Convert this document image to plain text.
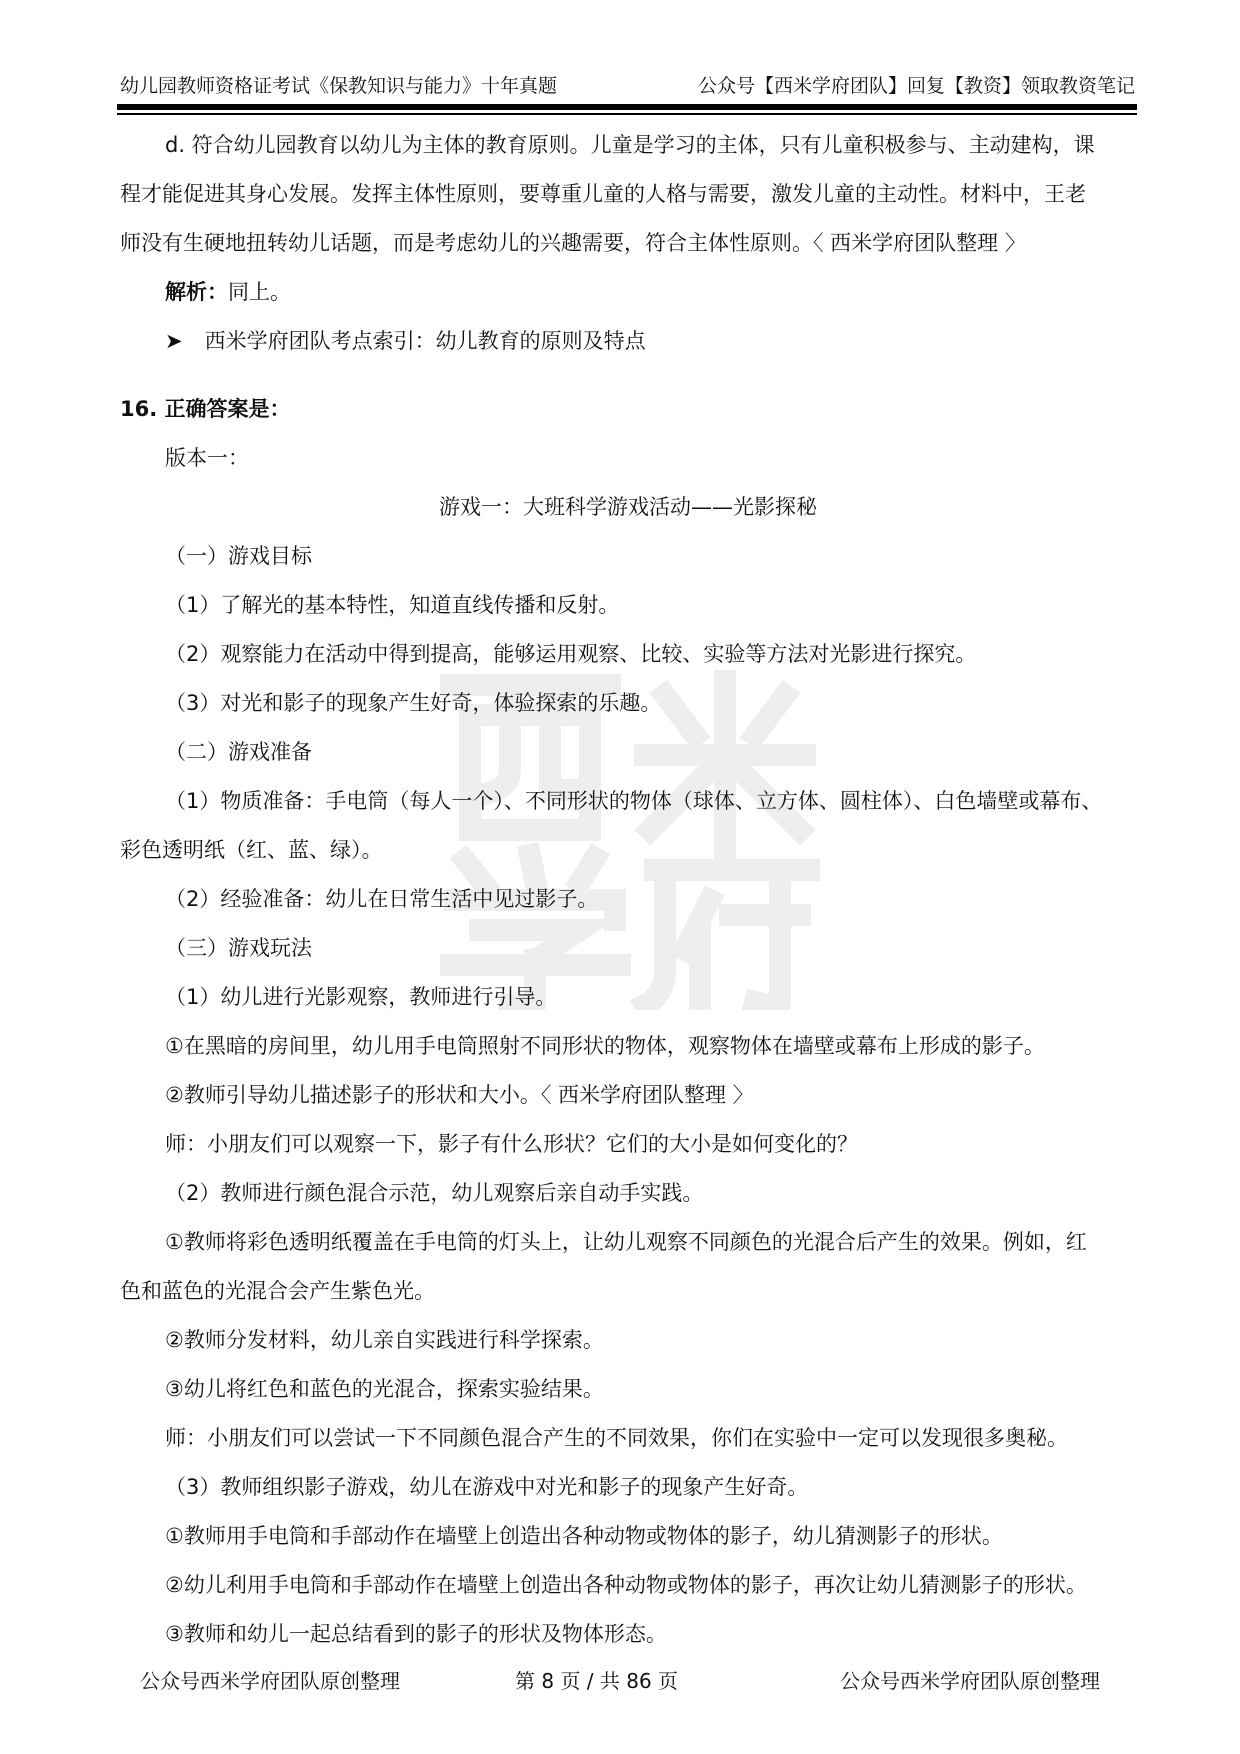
幼儿园教师资格证考试《保教知识与能力》十年真题	公众号【西米学府团队】回复【教资】领取教资笔记
d. 符合幼儿园教育以幼儿为主体的教育原则。儿童是学习的主体，只有儿童积极参与、主动建构，课
程才能促进其身心发展。发挥主体性原则，要尊重儿童的人格与需要，激发儿童的主动性。材料中，王老
师没有生硬地扭转幼儿话题，而是考虑幼儿的兴趣需要，符合主体性原则。〈 西米学府团队整理 〉
解析：同上。
➤ 西米学府团队考点索引：幼儿教育的原则及特点
16. 正确答案是：
版本一：
游戏一：大班科学游戏活动——光影探秘
（一）游戏目标
（1）了解光的基本特性，知道直线传播和反射。
（2）观察能力在活动中得到提高，能够运用观察、比较、实验等方法对光影进行探究。
（3）对光和影子的现象产生好奇，体验探索的乐趣。
（二）游戏准备
（1）物质准备：手电筒（每人一个）、不同形状的物体（球体、立方体、圆柱体）、白色墙壁或幕布、
彩色透明纸（红、蓝、绿）。
（2）经验准备：幼儿在日常生活中见过影子。
（三）游戏玩法
（1）幼儿进行光影观察，教师进行引导。
①在黑暗的房间里，幼儿用手电筒照射不同形状的物体，观察物体在墙壁或幕布上形成的影子。
②教师引导幼儿描述影子的形状和大小。〈 西米学府团队整理 〉
师：小朋友们可以观察一下，影子有什么形状？它们的大小是如何变化的？
（2）教师进行颜色混合示范，幼儿观察后亲自动手实践。
①教师将彩色透明纸覆盖在手电筒的灯头上，让幼儿观察不同颜色的光混合后产生的效果。例如，红
色和蓝色的光混合会产生紫色光。
②教师分发材料，幼儿亲自实践进行科学探索。
③幼儿将红色和蓝色的光混合，探索实验结果。
师：小朋友们可以尝试一下不同颜色混合产生的不同效果，你们在实验中一定可以发现很多奥秘。
（3）教师组织影子游戏，幼儿在游戏中对光和影子的现象产生好奇。
①教师用手电筒和手部动作在墙壁上创造出各种动物或物体的影子，幼儿猜测影子的形状。
②幼儿利用手电筒和手部动作在墙壁上创造出各种动物或物体的影子，再次让幼儿猜测影子的形状。
③教师和幼儿一起总结看到的影子的形状及物体形态。
公众号西米学府团队原创整理	第 8 页 / 共 86 页	公众号西米学府团队原创整理
